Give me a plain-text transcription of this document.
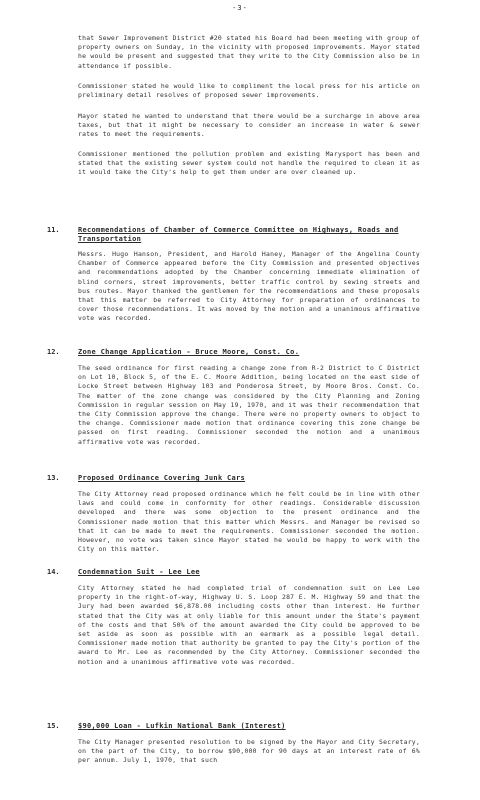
-3-

that Sewer Improvement District #20 stated his Board had been meeting with group of property owners on Sunday, in the vicinity with proposed improvements. Mayor stated he would be present and suggested that they write to the City Commission also be in attendance if possible.

Commissioner stated he would like to compliment the local press for his article on preliminary detail resolves of proposed sewer improvements.

Mayor stated he wanted to understand that there would be a surcharge in above area taxes, but that it might be necessary to consider an increase in water & sewer rates to meet the requirements.

Commissioner mentioned the pollution problem and existing Marysport has been and stated that the existing sewer system could not handle the required to clean it as it would take the City's help to get them under are over cleaned up.

11.	Recommendations of Chamber of Commerce Committee on Highways, Roads and Transportation

Messrs. Hugo Hanson, President, and Harold Haney, Manager of the Angelina County Chamber of Commerce appeared before the City Commission and presented objectives and recommendations adopted by the Chamber concerning immediate elimination of blind corners, street improvements, better traffic control by sewing streets and bus routes. Mayor thanked the gentlemen for the recommendations and these proposals that this matter be referred to City Attorney for preparation of ordinances to cover those recommendations. It was moved by the motion and a unanimous affirmative vote was recorded.

12.	Zone Change Application - Bruce Moore, Const. Co.

The seed ordinance for first reading a change zone from R-2 District to C District on Lot 10, Block 5, of the E. C. Moore Addition, being located on the east side of Locke Street between Highway 103 and Ponderosa Street, by Moore Bros. Const. Co. The matter of the zone change was considered by the City Planning and Zoning Commission in regular session on May 19, 1970, and it was their recommendation that the City Commission approve the change. There were no property owners to object to the change. Commissioner made motion that ordinance covering this zone change be passed on first reading. Commissioner seconded the motion and a unanimous affirmative vote was recorded.

13.	Proposed Ordinance Covering Junk Cars

The City Attorney read proposed ordinance which he felt could be in line with other laws and could come in conformity for other readings. Considerable discussion developed and there was some objection to the present ordinance and the Commissioner made motion that this matter which Messrs. and Manager be revised so that it can be made to meet the requirements. Commissioner seconded the motion. However, no vote was taken since Mayor stated he would be happy to work with the City on this matter.

14.	Condemnation Suit - Lee Lee

City Attorney stated he had completed trial of condemnation suit on Lee Lee property in the right-of-way, Highway U. S. Loop 287 E. M. Highway 59 and that the Jury had been awarded $6,878.00 including costs other than interest. He further stated that the City was at only liable for this amount under the State's payment of the costs and that 50% of the amount awarded the City could be approved to be set aside as soon as possible with an earmark as a possible legal detail. Commissioner made motion that authority be granted to pay the City's portion of the award to Mr. Lee as recommended by the City Attorney. Commissioner seconded the motion and a unanimous affirmative vote was recorded.

15.	$90,000 Loan - Lufkin National Bank (Interest)

The City Manager presented resolution to be signed by the Mayor and City Secretary, on the part of the City, to borrow $90,000 for 90 days at an interest rate of 6% per annum. July 1, 1970, that such
